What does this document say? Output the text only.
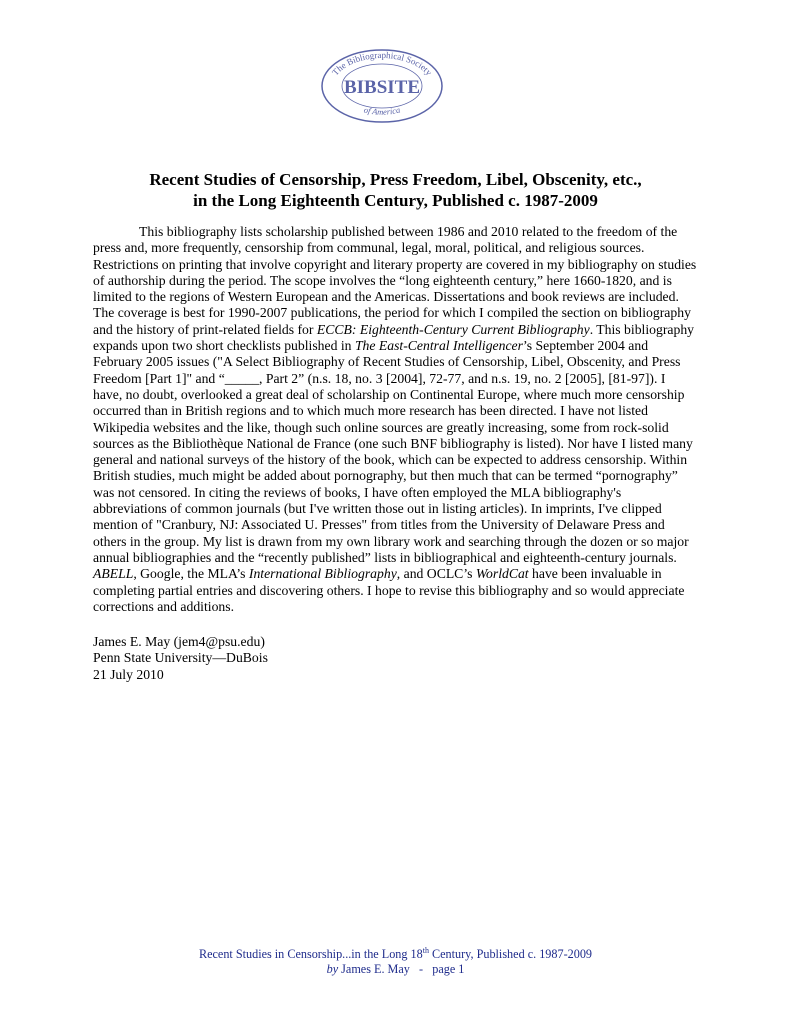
The Bibliographical Society
BIBSITE
of America
Recent Studies of Censorship, Press Freedom, Libel, Obscenity, etc.,
in the Long Eighteenth Century, Published c. 1987-2009

This bibliography lists scholarship published between 1986 and 2010 related to the freedom of the press and, more frequently, censorship from communal, legal, moral, political, and religious sources. Restrictions on printing that involve copyright and literary property are covered in my bibliography on studies of authorship during the period. The scope involves the “long eighteenth century,” here 1660-1820, and is limited to the regions of Western European and the Americas. Dissertations and book reviews are included. The coverage is best for 1990-2007 publications, the period for which I compiled the section on bibliography and the history of print-related fields for ECCB: Eighteenth-Century Current Bibliography. This bibliography expands upon two short checklists published in The East-Central Intelligencer’s September 2004 and February 2005 issues ("A Select Bibliography of Recent Studies of Censorship, Libel, Obscenity, and Press Freedom [Part 1]" and “_____, Part 2” (n.s. 18, no. 3 [2004], 72-77, and n.s. 19, no. 2 [2005], [81-97]). I have, no doubt, overlooked a great deal of scholarship on Continental Europe, where much more censorship occurred than in British regions and to which much more research has been directed. I have not listed Wikipedia websites and the like, though such online sources are greatly increasing, some from rock-solid sources as the Bibliothèque National de France (one such BNF bibliography is listed). Nor have I listed many general and national surveys of the history of the book, which can be expected to address censorship. Within British studies, much might be added about pornography, but then much that can be termed “pornography” was not censored. In citing the reviews of books, I have often employed the MLA bibliography's abbreviations of common journals (but I've written those out in listing articles). In imprints, I've clipped mention of "Cranbury, NJ: Associated U. Presses" from titles from the University of Delaware Press and others in the group. My list is drawn from my own library work and searching through the dozen or so major annual bibliographies and the “recently published” lists in bibliographical and eighteenth-century journals. ABELL, Google, the MLA’s International Bibliography, and OCLC’s WorldCat have been invaluable in completing partial entries and discovering others. I hope to revise this bibliography and so would appreciate corrections and additions.

James E. May (jem4@psu.edu)
Penn State University—DuBois
21 July 2010
Recent Studies in Censorship...in the Long 18th Century, Published c. 1987-2009
by James E. May   -   page 1
